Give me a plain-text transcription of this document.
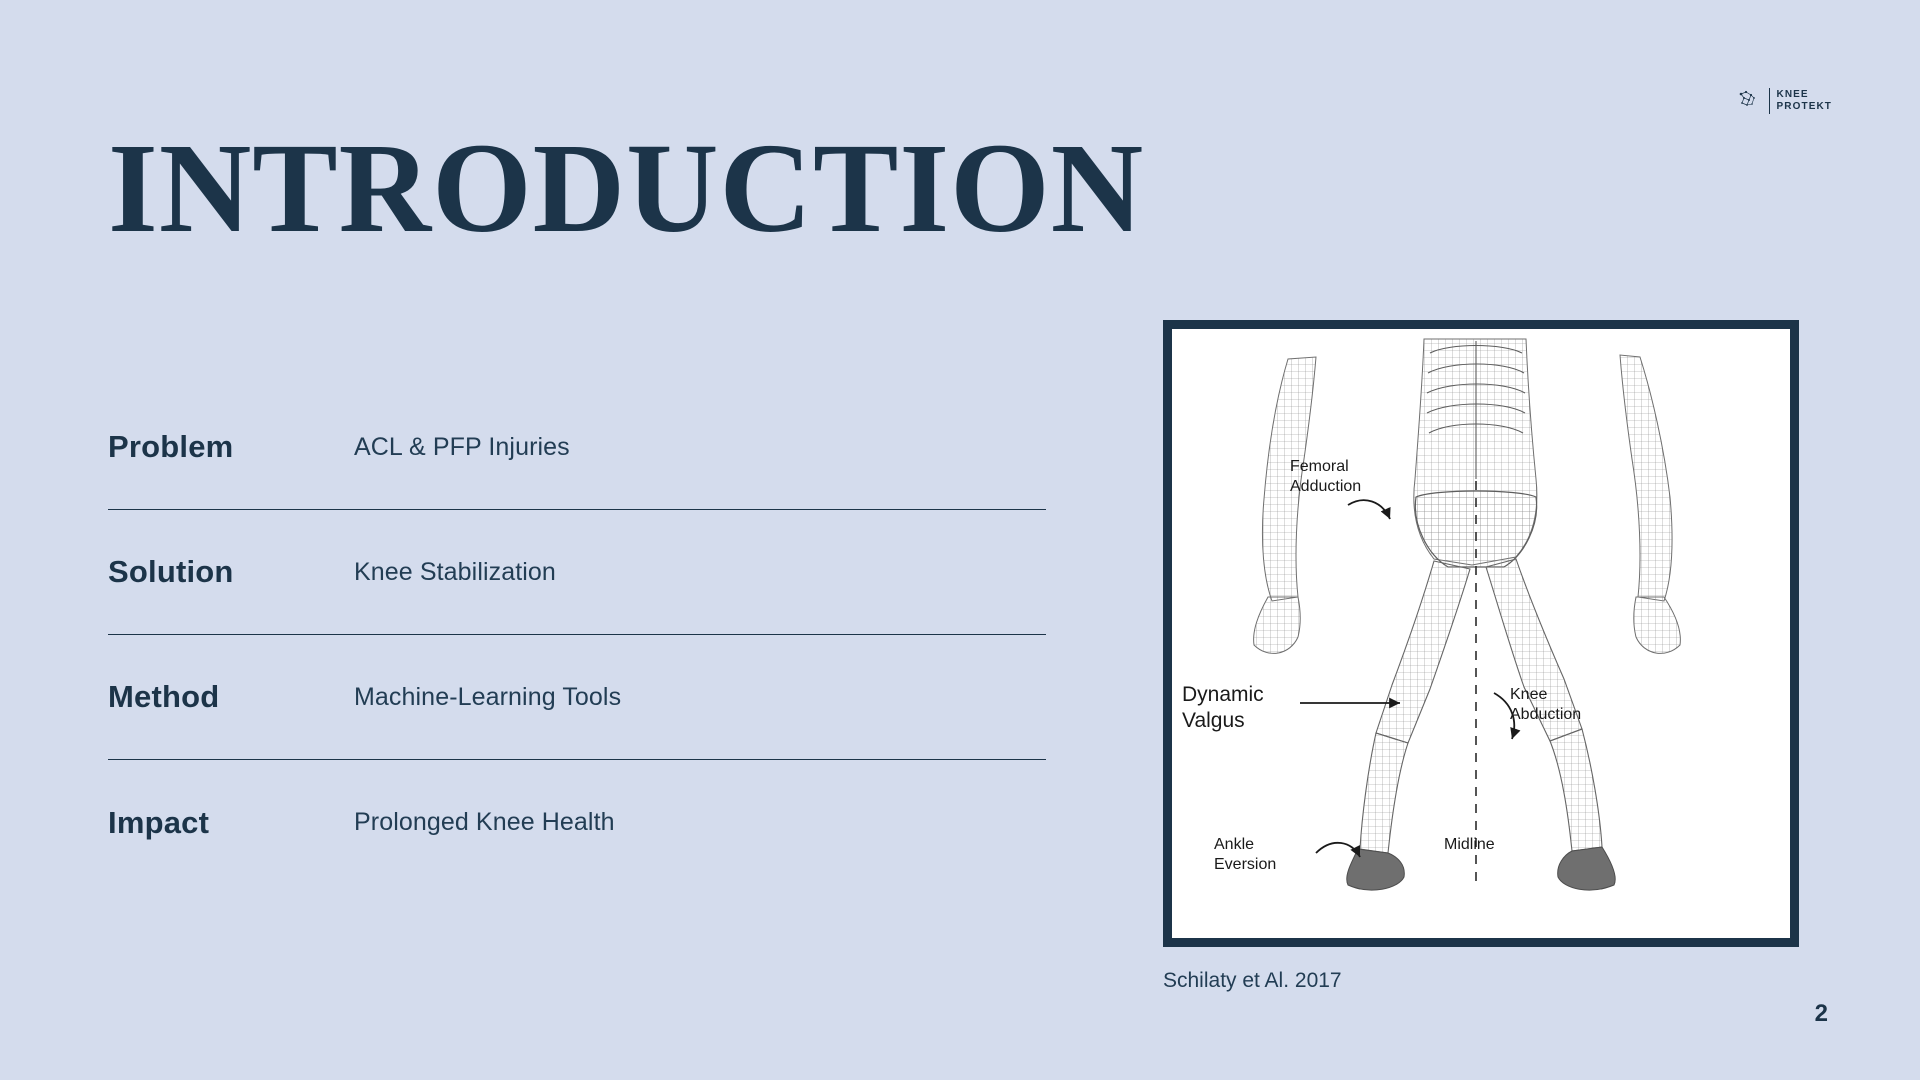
KNEE
PROTEKT
INTRODUCTION
Problem	ACL & PFP Injuries
Solution	Knee Stabilization
Method	Machine-Learning Tools
Impact	Prolonged Knee Health
Femoral
Adduction
Dynamic
Valgus
Knee
Abduction
Ankle
Eversion
Midline
Schilaty et Al. 2017
2
